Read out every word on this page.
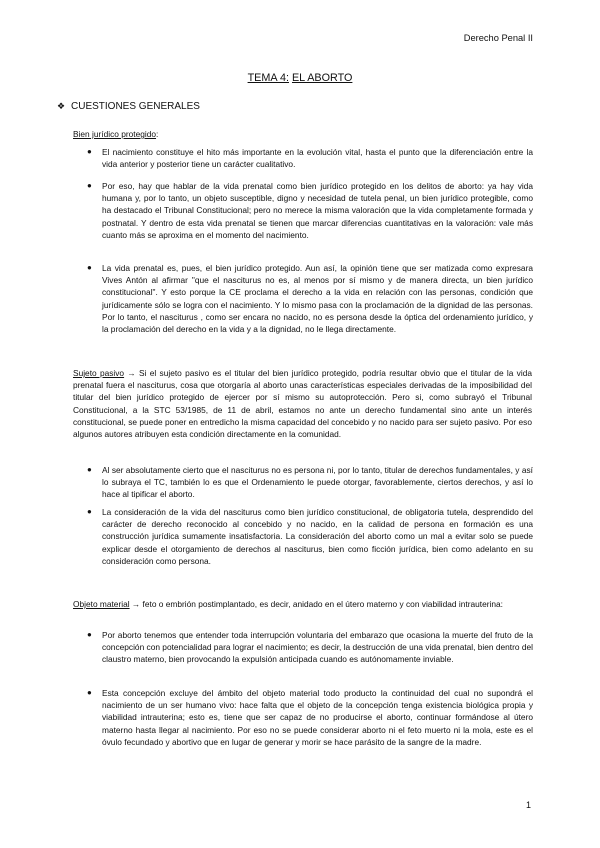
Derecho Penal II
TEMA 4: EL ABORTO
❖ CUESTIONES GENERALES

Bien jurídico protegido:

● El nacimiento constituye el hito más importante en la evolución vital, hasta el punto que la diferenciación entre la vida anterior y posterior tiene un carácter cualitativo.
● Por eso, hay que hablar de la vida prenatal como bien jurídico protegido en los delitos de aborto: ya hay vida humana y, por lo tanto, un objeto susceptible, digno y necesidad de tutela penal, un bien jurídico protegible, como ha destacado el Tribunal Constitucional; pero no merece la misma valoración que la vida completamente formada y postnatal. Y dentro de esta vida prenatal se tienen que marcar diferencias cuantitativas en la valoración: vale más cuanto más se aproxima en el momento del nacimiento.
● La vida prenatal es, pues, el bien jurídico protegido. Aun así, la opinión tiene que ser matizada como expresara Vives Antón al afirmar "que el nasciturus no es, al menos por sí mismo y de manera directa, un bien jurídico constitucional". Y esto porque la CE proclama el derecho a la vida en relación con las personas, condición que jurídicamente sólo se logra con el nacimiento. Y lo mismo pasa con la proclamación de la dignidad de las personas. Por lo tanto, el nasciturus , como ser encara no nacido, no es persona desde la óptica del ordenamiento jurídico, y la proclamación del derecho en la vida y a la dignidad, no le llega directamente.

Sujeto pasivo → Si el sujeto pasivo es el titular del bien jurídico protegido, podría resultar obvio que el titular de la vida prenatal fuera el nasciturus, cosa que otorgaría al aborto unas características especiales derivadas de la imposibilidad del titular del bien jurídico protegido de ejercer por sí mismo su autoprotección. Pero si, como subrayó el Tribunal Constitucional, a la STC 53/1985, de 11 de abril, estamos no ante un derecho fundamental sino ante un interés constitucional, se puede poner en entredicho la misma capacidad del concebido y no nacido para ser sujeto pasivo. Por eso algunos autores atribuyen esta condición directamente en la comunidad.

● Al ser absolutamente cierto que el nasciturus no es persona ni, por lo tanto, titular de derechos fundamentales, y así lo subraya el TC, también lo es que el Ordenamiento le puede otorgar, favorablemente, ciertos derechos, y así lo hace al tipificar el aborto.
● La consideración de la vida del nasciturus como bien jurídico constitucional, de obligatoria tutela, desprendido del carácter de derecho reconocido al concebido y no nacido, en la calidad de persona en formación es una construcción jurídica sumamente insatisfactoria. La consideración del aborto como un mal a evitar solo se puede explicar desde el otorgamiento de derechos al nasciturus, bien como ficción jurídica, bien como adelanto en su consideración como persona.

Objeto material → feto o embrión postimplantado, es decir, anidado en el útero materno y con viabilidad intrauterina:

● Por aborto tenemos que entender toda interrupción voluntaria del embarazo que ocasiona la muerte del fruto de la concepción con potencialidad para lograr el nacimiento; es decir, la destrucción de una vida prenatal, bien dentro del claustro materno, bien provocando la expulsión anticipada cuando es autónomamente inviable.
● Esta concepción excluye del ámbito del objeto material todo producto la continuidad del cual no supondrá el nacimiento de un ser humano vivo: hace falta que el objeto de la concepción tenga existencia biológica propia y viabilidad intrauterina; esto es, tiene que ser capaz de no producirse el aborto, continuar formándose al útero materno hasta llegar al nacimiento. Por eso no se puede considerar aborto ni el feto muerto ni la mola, este es el óvulo fecundado y abortivo que en lugar de generar y morir se hace parásito de la sangre de la madre.
1
